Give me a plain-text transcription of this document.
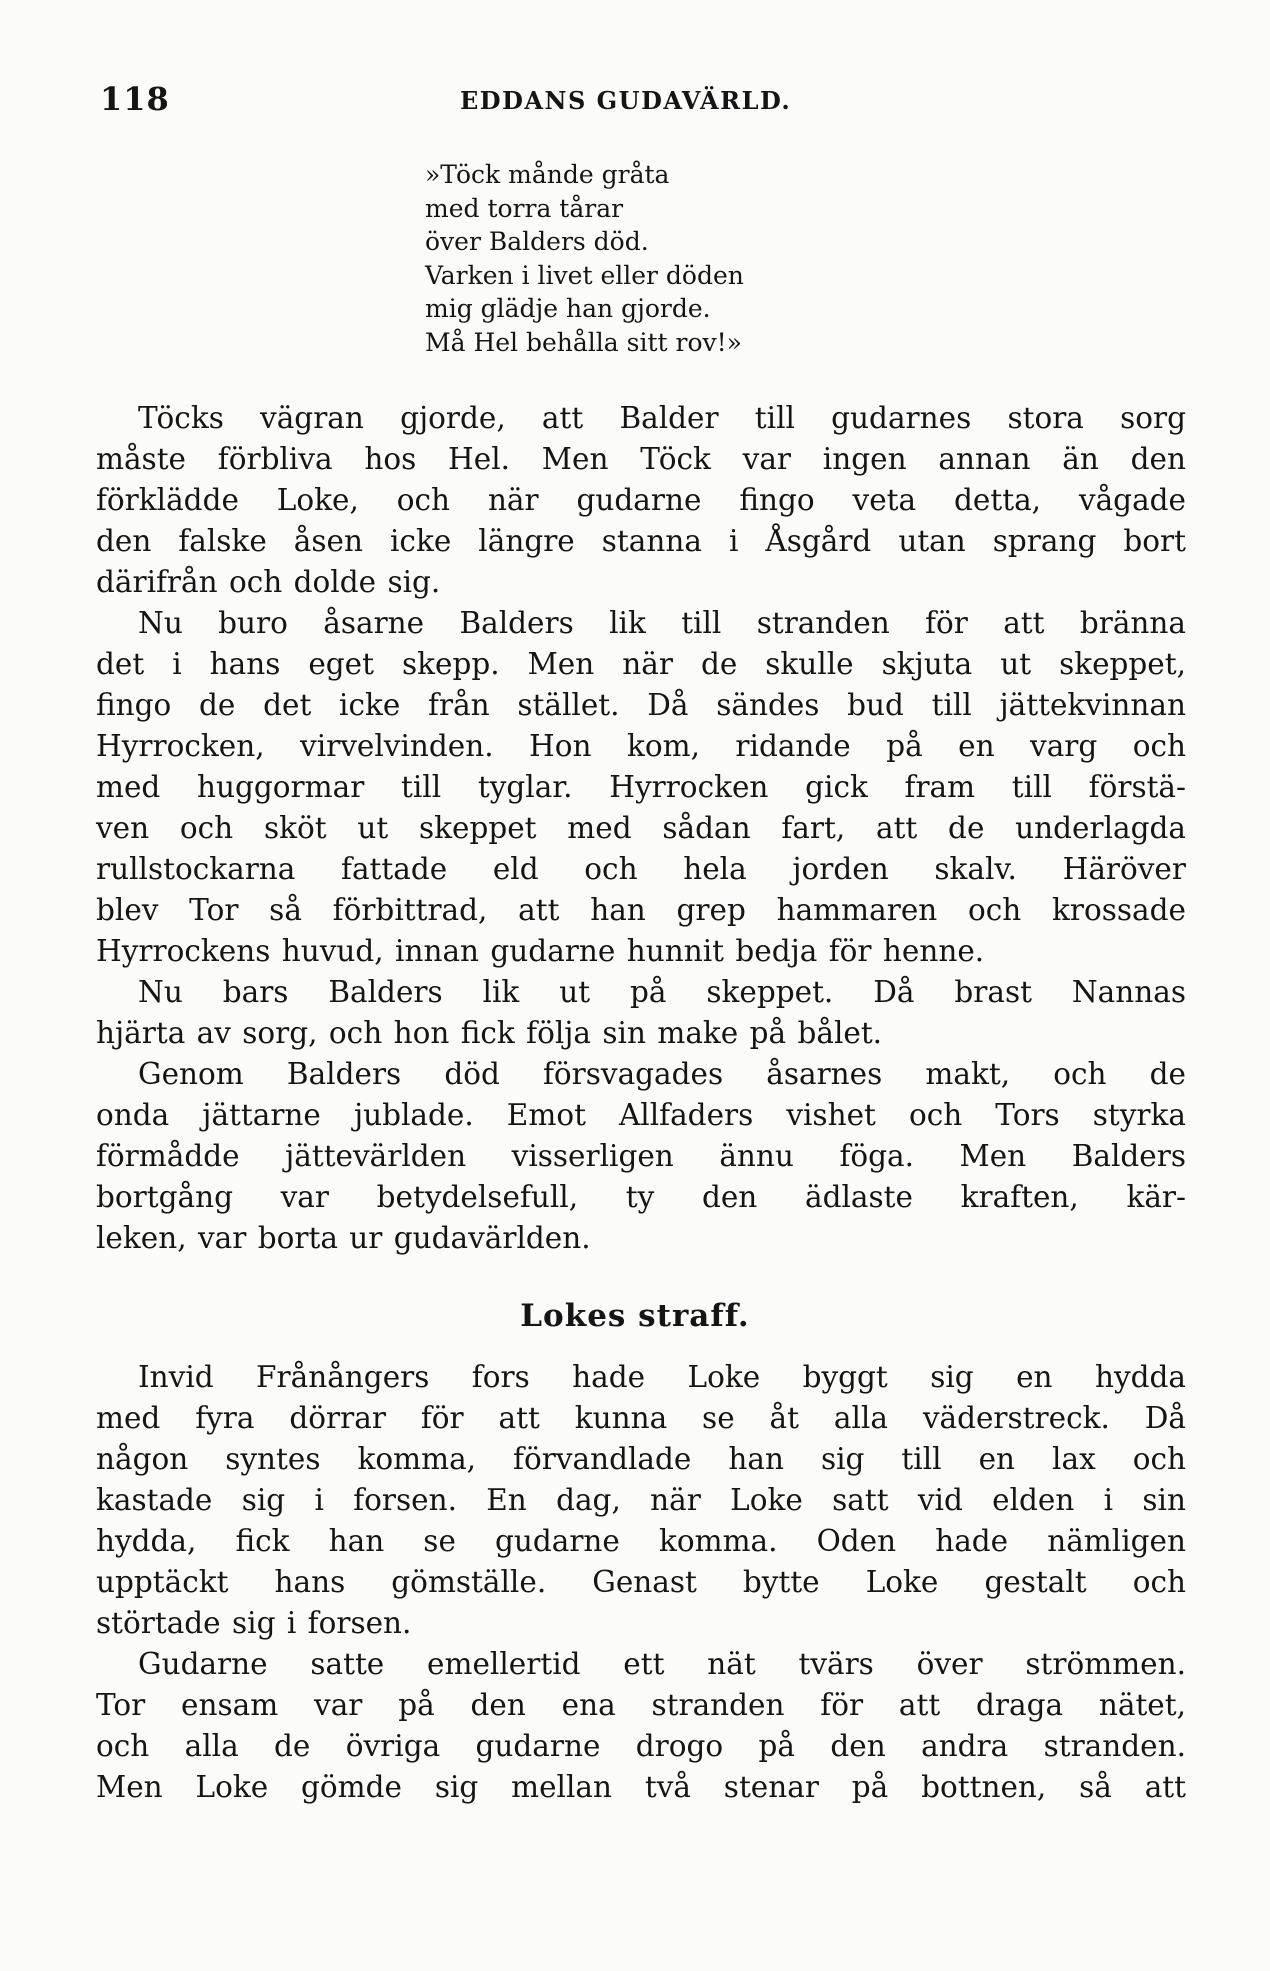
118	EDDANS GUDAVÄRLD.
»Töck månde gråta
med torra tårar
över Balders död.
Varken i livet eller döden
mig glädje han gjorde.
Må Hel behålla sitt rov!»
Töcks vägran gjorde, att Balder till gudarnes stora sorg
måste förbliva hos Hel. Men Töck var ingen annan än den
förklädde Loke, och när gudarne fingo veta detta, vågade
den falske åsen icke längre stanna i Åsgård utan sprang bort
därifrån och dolde sig.
Nu buro åsarne Balders lik till stranden för att bränna
det i hans eget skepp. Men när de skulle skjuta ut skeppet,
fingo de det icke från stället. Då sändes bud till jättekvinnan
Hyrrocken, virvelvinden. Hon kom, ridande på en varg och
med huggormar till tyglar. Hyrrocken gick fram till förstä-
ven och sköt ut skeppet med sådan fart, att de underlagda
rullstockarna fattade eld och hela jorden skalv. Häröver
blev Tor så förbittrad, att han grep hammaren och krossade
Hyrrockens huvud, innan gudarne hunnit bedja för henne.
Nu bars Balders lik ut på skeppet. Då brast Nannas
hjärta av sorg, och hon fick följa sin make på bålet.
Genom Balders död försvagades åsarnes makt, och de
onda jättarne jublade. Emot Allfaders vishet och Tors styrka
förmådde jättevärlden visserligen ännu föga. Men Balders
bortgång var betydelsefull, ty den ädlaste kraften, kär-
leken, var borta ur gudavärlden.
Lokes straff.
Invid Frånångers fors hade Loke byggt sig en hydda
med fyra dörrar för att kunna se åt alla väderstreck. Då
någon syntes komma, förvandlade han sig till en lax och
kastade sig i forsen. En dag, när Loke satt vid elden i sin
hydda, fick han se gudarne komma. Oden hade nämligen
upptäckt hans gömställe. Genast bytte Loke gestalt och
störtade sig i forsen.
Gudarne satte emellertid ett nät tvärs över strömmen.
Tor ensam var på den ena stranden för att draga nätet,
och alla de övriga gudarne drogo på den andra stranden.
Men Loke gömde sig mellan två stenar på bottnen, så att
